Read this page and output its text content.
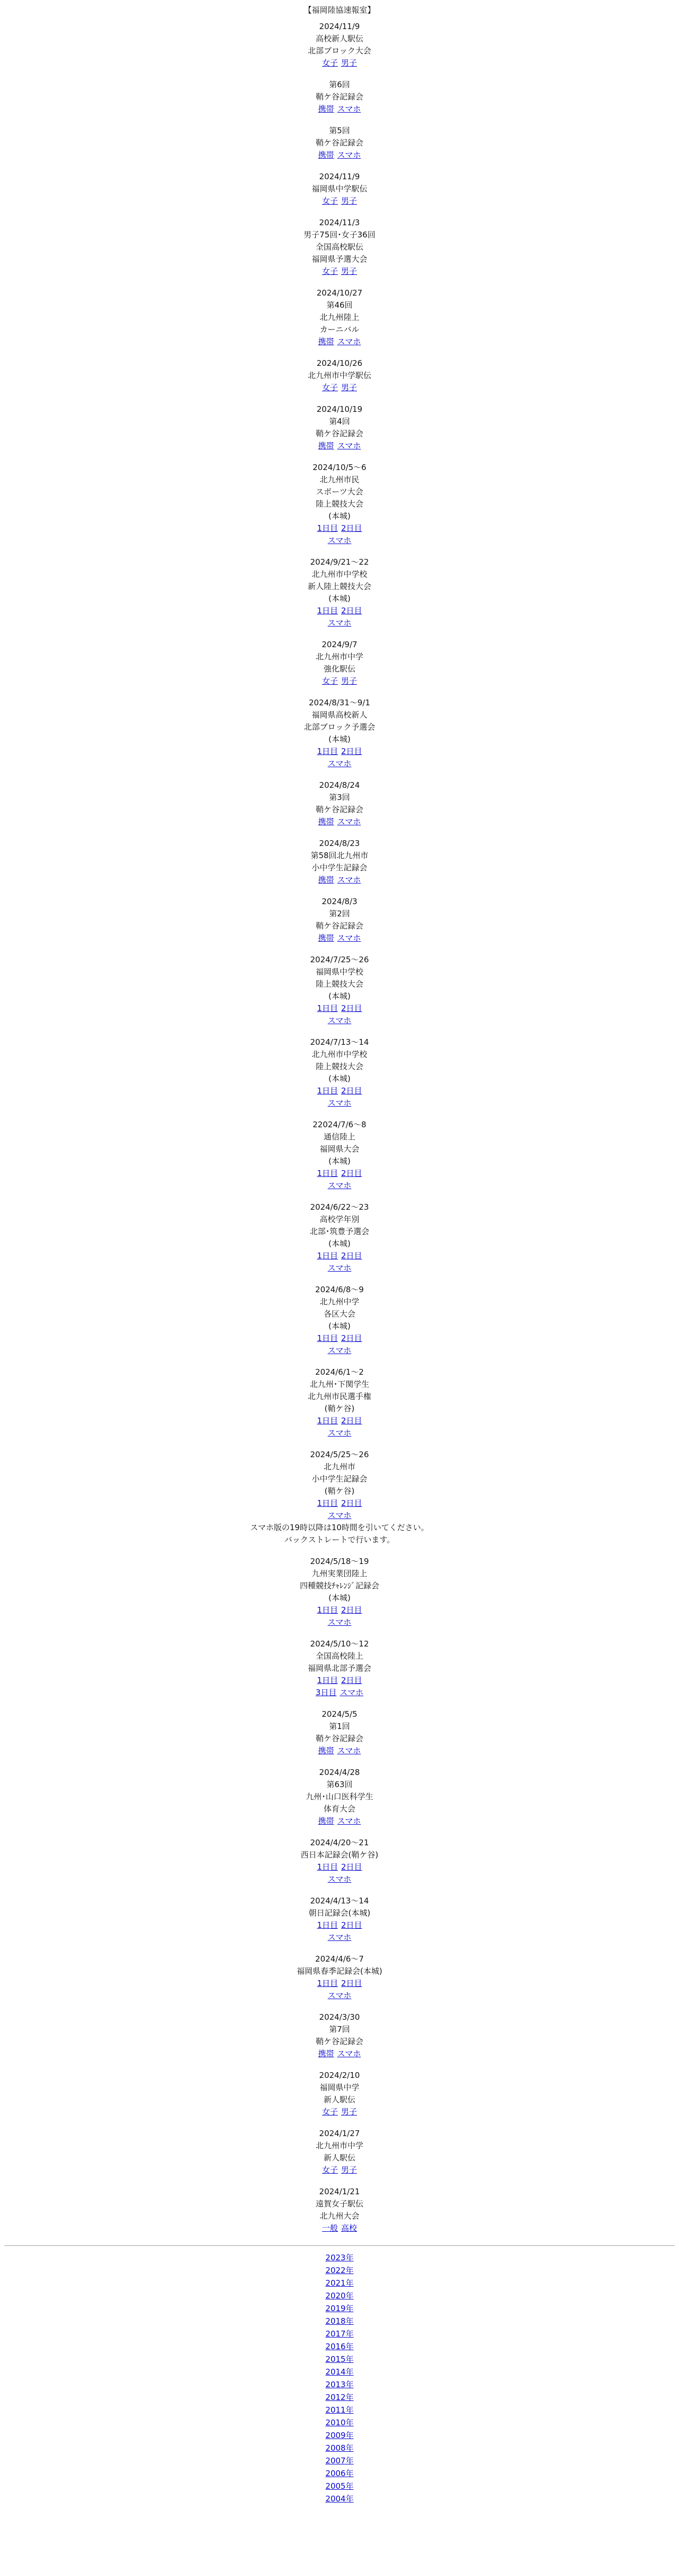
【福岡陸協速報室】
2024/11/9
高校新人駅伝
北部ブロック大会
女子 男子
第6回
鞘ケ谷記録会
携帯 スマホ
第5回
鞘ケ谷記録会
携帯 スマホ
2024/11/9
福岡県中学駅伝
女子 男子
2024/11/3
男子75回･女子36回
全国高校駅伝
福岡県予選大会
女子 男子
2024/10/27
第46回
北九州陸上
カーニバル
携帯 スマホ
2024/10/26
北九州市中学駅伝
女子 男子
2024/10/19
第4回
鞘ケ谷記録会
携帯 スマホ
2024/10/5〜6
北九州市民
スポーツ大会
陸上競技大会
(本城)
1日目 2日目
スマホ
2024/9/21〜22
北九州市中学校
新人陸上競技大会
(本城)
1日目 2日目
スマホ
2024/9/7
北九州市中学
強化駅伝
女子 男子
2024/8/31〜9/1
福岡県高校新人
北部ブロック予選会
(本城)
1日目 2日目
スマホ
2024/8/24
第3回
鞘ケ谷記録会
携帯 スマホ
2024/8/23
第58回北九州市
小中学生記録会
携帯 スマホ
2024/8/3
第2回
鞘ケ谷記録会
携帯 スマホ
2024/7/25〜26
福岡県中学校
陸上競技大会
(本城)
1日目 2日目
スマホ
2024/7/13〜14
北九州市中学校
陸上競技大会
(本城)
1日目 2日目
スマホ
22024/7/6〜8
通信陸上
福岡県大会
(本城)
1日目 2日目
スマホ
2024/6/22〜23
高校学年別
北部･筑豊予選会
(本城)
1日目 2日目
スマホ
2024/6/8〜9
北九州中学
各区大会
(本城)
1日目 2日目
スマホ
2024/6/1〜2
北九州･下関学生
北九州市民選手権
(鞘ケ谷)
1日目 2日目
スマホ
2024/5/25〜26
北九州市
小中学生記録会
(鞘ケ谷)
1日目 2日目
スマホ
スマホ版の19時以降は10時間を引いてください。
バックストレートで行います。
2024/5/18〜19
九州実業団陸上
四種競技ﾁｬﾚﾝｼﾞ記録会
(本城)
1日目 2日目
スマホ
2024/5/10〜12
全国高校陸上
福岡県北部予選会
1日目 2日目
3日目 スマホ
2024/5/5
第1回
鞘ケ谷記録会
携帯 スマホ
2024/4/28
第63回
九州･山口医科学生
体育大会
携帯 スマホ
2024/4/20〜21
西日本記録会(鞘ケ谷)
1日目 2日目
スマホ
2024/4/13〜14
朝日記録会(本城)
1日目 2日目
スマホ
2024/4/6〜7
福岡県春季記録会(本城)
1日目 2日目
スマホ
2024/3/30
第7回
鞘ケ谷記録会
携帯 スマホ
2024/2/10
福岡県中学
新人駅伝
女子 男子
2024/1/27
北九州市中学
新人駅伝
女子 男子
2024/1/21
遠賀女子駅伝
北九州大会
一般 高校
2023年
2022年
2021年
2020年
2019年
2018年
2017年
2016年
2015年
2014年
2013年
2012年
2011年
2010年
2009年
2008年
2007年
2006年
2005年
2004年
